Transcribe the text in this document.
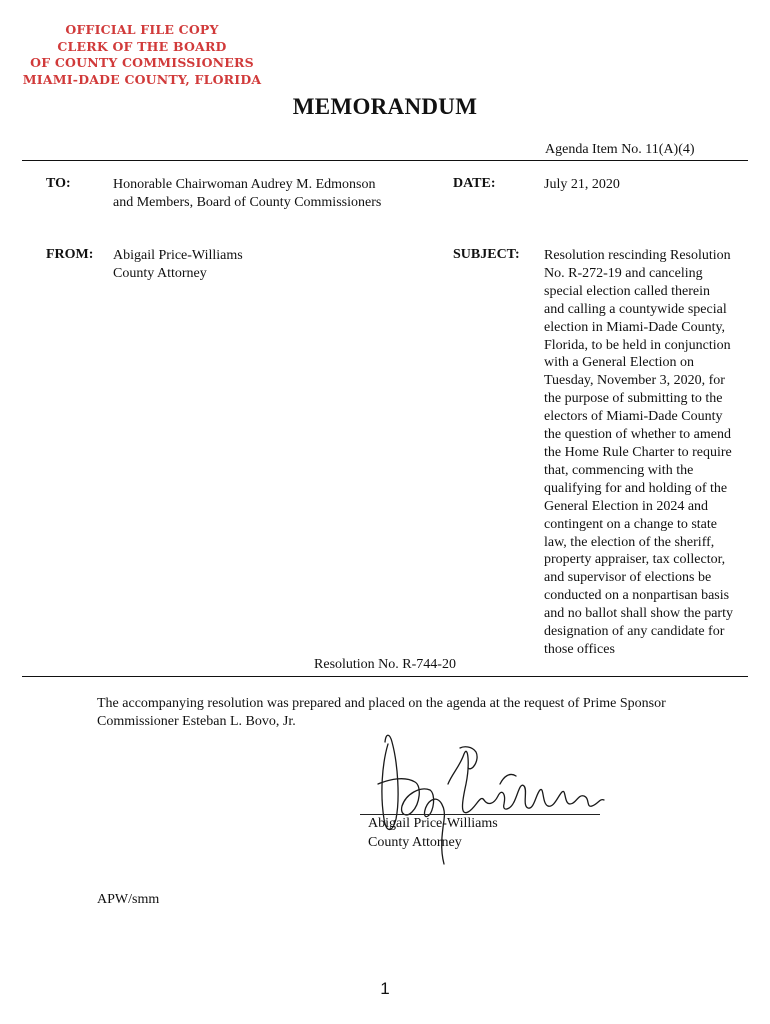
OFFICIAL FILE COPY
CLERK OF THE BOARD
OF COUNTY COMMISSIONERS
MIAMI-DADE COUNTY, FLORIDA
MEMORANDUM
Agenda Item No. 11(A)(4)
TO:	Honorable Chairwoman Audrey M. Edmonson
and Members, Board of County Commissioners
DATE:	July 21, 2020
FROM: Abigail Price-Williams
County Attorney
SUBJECT: Resolution rescinding Resolution
No. R-272-19 and canceling
special election called therein
and calling a countywide special
election in Miami-Dade County,
Florida, to be held in conjunction
with a General Election on
Tuesday, November 3, 2020, for
the purpose of submitting to the
electors of Miami-Dade County
the question of whether to amend
the Home Rule Charter to require
that, commencing with the
qualifying for and holding of the
General Election in 2024 and
contingent on a change to state
law, the election of the sheriff,
property appraiser, tax collector,
and supervisor of elections be
conducted on a nonpartisan basis
and no ballot shall show the party
designation of any candidate for
those offices
Resolution No. R-744-20
The accompanying resolution was prepared and placed on the agenda at the request of Prime Sponsor Commissioner Esteban L. Bovo, Jr.
Abigail Price-Williams
County Attorney
APW/smm
1
